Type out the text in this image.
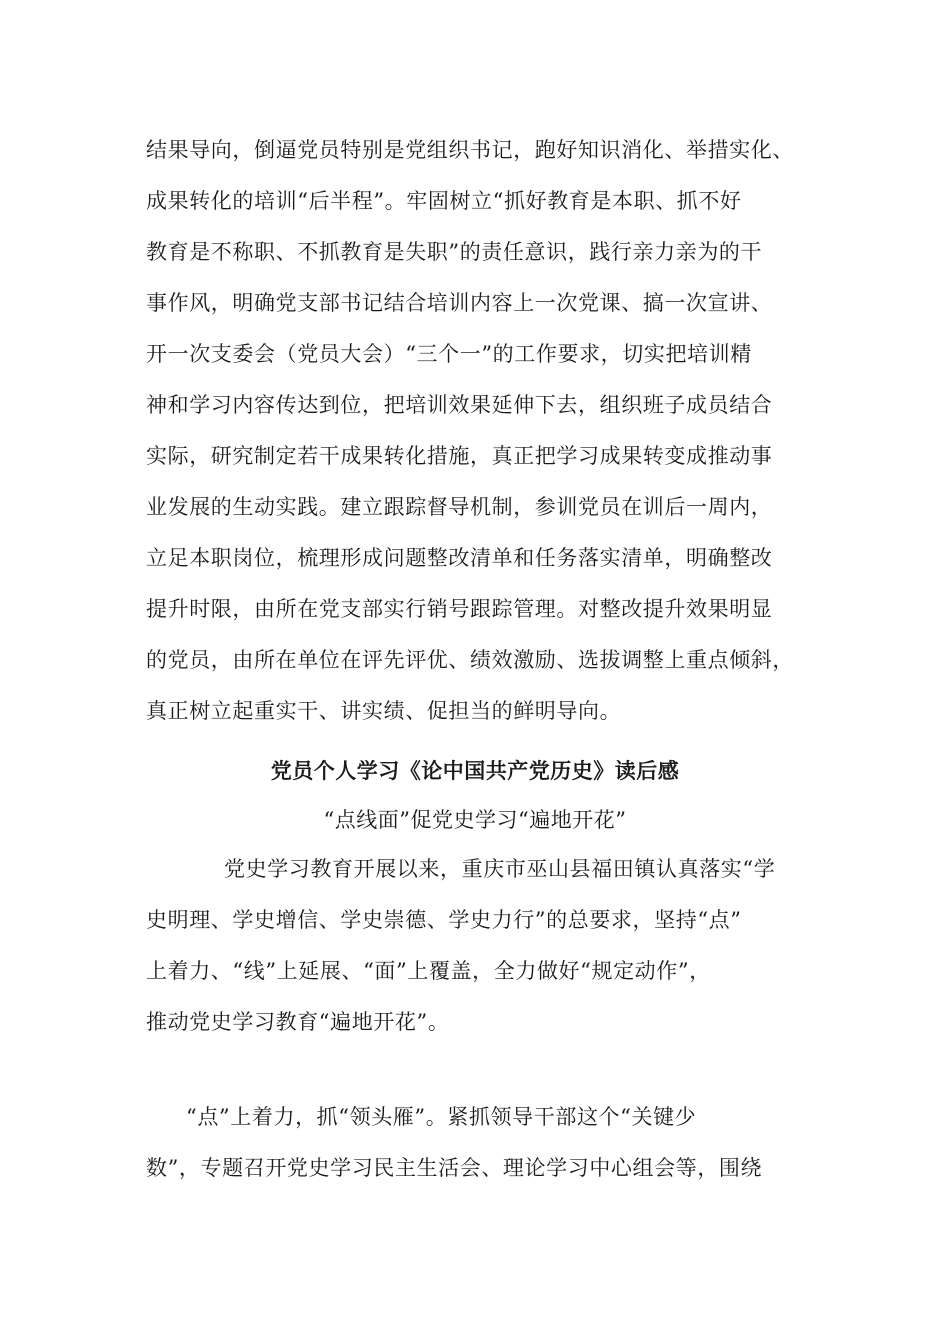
结果导向，倒逼党员特别是党组织书记，跑好知识消化、举措实化、
成果转化的培训“后半程”。牢固树立“抓好教育是本职、抓不好
教育是不称职、不抓教育是失职”的责任意识，践行亲力亲为的干
事作风，明确党支部书记结合培训内容上一次党课、搞一次宣讲、
开一次支委会（党员大会）“三个一”的工作要求，切实把培训精
神和学习内容传达到位，把培训效果延伸下去，组织班子成员结合
实际，研究制定若干成果转化措施，真正把学习成果转变成推动事
业发展的生动实践。建立跟踪督导机制，参训党员在训后一周内，
立足本职岗位，梳理形成问题整改清单和任务落实清单，明确整改
提升时限，由所在党支部实行销号跟踪管理。对整改提升效果明显
的党员，由所在单位在评先评优、绩效激励、选拔调整上重点倾斜，
真正树立起重实干、讲实绩、促担当的鲜明导向。
党员个人学习《论中国共产党历史》读后感
“点线面”促党史学习“遍地开花”
党史学习教育开展以来，重庆市巫山县福田镇认真落实“学
史明理、学史增信、学史崇德、学史力行”的总要求，坚持“点”
上着力、“线”上延展、“面”上覆盖，全力做好“规定动作”，
推动党史学习教育“遍地开花”。
“点”上着力，抓“领头雁”。紧抓领导干部这个“关键少
数”，专题召开党史学习民主生活会、理论学习中心组会等，围绕
